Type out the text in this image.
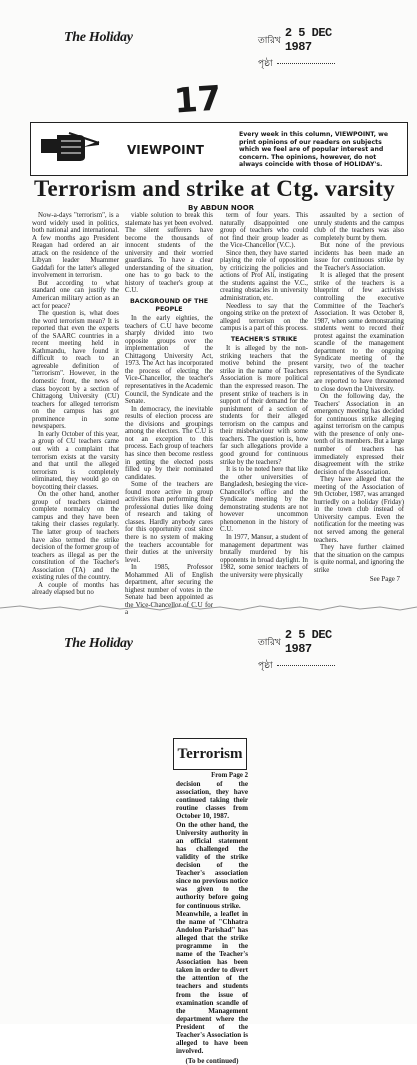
The Holiday	তারিখ
2 5 DEC 1987
পৃষ্ঠা
17
VIEWPOINT
Every week in this column, VIEWPOINT, we print opinions of our readers on subjects which we feel are of popular interest and concern. The opinions, however, do not always coincide with those of HOLIDAY's.
Terrorism and strike at Ctg. varsity
By ABDUN NOOR

Now-a-days "terrorism", is a word widely used in politics, both national and international. A few months ago President Reagan had ordered an air attack on the residence of the Libyan leader Muammer Gaddafi for the latter's alleged involvement in terrorism.

But according to what standard one can justify the American military action as an act for peace?

The question is, what does the word terrorism mean? It is reported that even the experts of the SAARC countries in a recent meeting held in Kathmandu, have found it difficult to reach to an agreeable definition of "terrorism". However, in the domestic front, the news of class boycott by a section of Chittagong University (CU) teachers for alleged terrorism on the campus has got prominence in some newspapers.

In early October of this year, a group of CU teachers came out with a complaint that terrorism exists at the varsity and that until the alleged terrorism is completely eliminated, they would go on boycotting their classes.

On the other hand, another group of teachers claimed complete normalcy on the campus and they have been taking their classes regularly. The latter group of teachers have also termed the strike decision of the former group of teachers as illegal as per the constitution of the Teacher's Association (TA) and the existing rules of the country.

A couple of months has already elapsed but no

viable solution to break this stalemate has yet been evolved. The silent sufferers have become the thousands of innocent students of the university and their worried guardians. To have a clear understanding of the situation, one has to go back to the history of teacher's group at C.U.

BACKGROUND OF THE PEOPLE

In the early eighties, the teachers of C.U have become sharply divided into two opposite groups over the implementation of the Chittagong University Act, 1973. The Act has incorporated the process of electing the Vice-Chancellor, the teacher's representatives in the Academic Council, the Syndicate and the Senate.

In democracy, the inevitable results of election process are the divisions and groupings among the electors. The C.U is not an exception to this process. Each group of teachers has since then become restless in getting the elected posts filled up by their nominated candidates.

Some of the teachers are found more active in group activities than performing their professional duties like doing of research and taking of classes. Hardly anybody cares for this opportunity cost since there is no system of making the teachers accountable for their duties at the university level.

In 1985, Professor Mohammed Ali of English department, after securing the highest number of votes in the Senate had been appointed as the Vice-Chancellor of C.U for a

term of four years. This naturally disappointed one group of teachers who could not find their group leader as the Vice-Chancellor (V.C.).

Since then, they have started playing the role of opposition by criticizing the policies and actions of Prof Ali, instigating the students against the V.C., creating obstacles in university administration, etc.

Needless to say that the ongoing strike on the pretext of alleged terrorism on the campus is a part of this process.

TEACHER'S STRIKE

It is alleged by the non-striking teachers that the motive behind the present strike in the name of Teachers Association is more political than the expressed reason. The present strike of teachers is in support of their demand for the punishment of a section of students for their alleged terrorism on the campus and their misbehaviour with some teachers. The question is, how far such allegations provide a good ground for continuous strike by the teachers?

It is to be noted here that like the other universities of Bangladesh, besieging the vice-Chancellor's office and the Syndicate meeting by the demonstrating students are not however uncommon phenomenon in the history of C.U.

In 1977, Mansur, a student of management department was brutally murdered by his opponents in broad daylight. In 1982, some senior teachers of the university were physically

assaulted by a section of unruly students and the campus club of the teachers was also completely burnt by them.

But none of the previous incidents has been made an issue for continuous strike by the Teacher's Association.

It is alleged that the present strike of the teachers is a blueprint of few activists controlling the executive Committee of the Teacher's Association. It was October 8, 1987, when some demonstrating students went to record their protest against the examination scandle of the management department to the ongoing Syndicate meeting of the varsity, two of the teacher representatives of the Syndicate are reported to have threatened to close down the University.

On the following day, the Teachers' Association in an emergency meeting has decided for continuous strike alleging against terrorism on the campus with the presence of only one-tenth of its members. But a large number of teachers has immediately expressed their disagreement with the strike decision of the Association.

They have alleged that the meeting of the Association of 9th October, 1987, was arranged hurriedly on a holiday (Friday) in the town club instead of University campus. Even the notification for the meeting was not served among the general teachers.

They have further claimed that the situation on the campus is quite normal, and ignoring the strike

See Page 7

The Holiday	তারিখ
2 5 DEC 1987
পৃষ্ঠা
Terrorism

From Page 2

decision of the association, they have continued taking their routine classes from October 10, 1987.

On the other hand, the University authority in an official statement has challenged the validity of the strike decision of the Teacher's association since no previous notice was given to the authority before going for continuous strike.

Meanwhile, a leaflet in the name of "Chhatra Andolon Parishad" has alleged that the strike programme in the name of the Teacher's Association has been taken in order to divert the attention of the teachers and students from the issue of examination scandle of the Management department where the President of the Teacher's Association is alleged to have been involved.

(To be continued)
